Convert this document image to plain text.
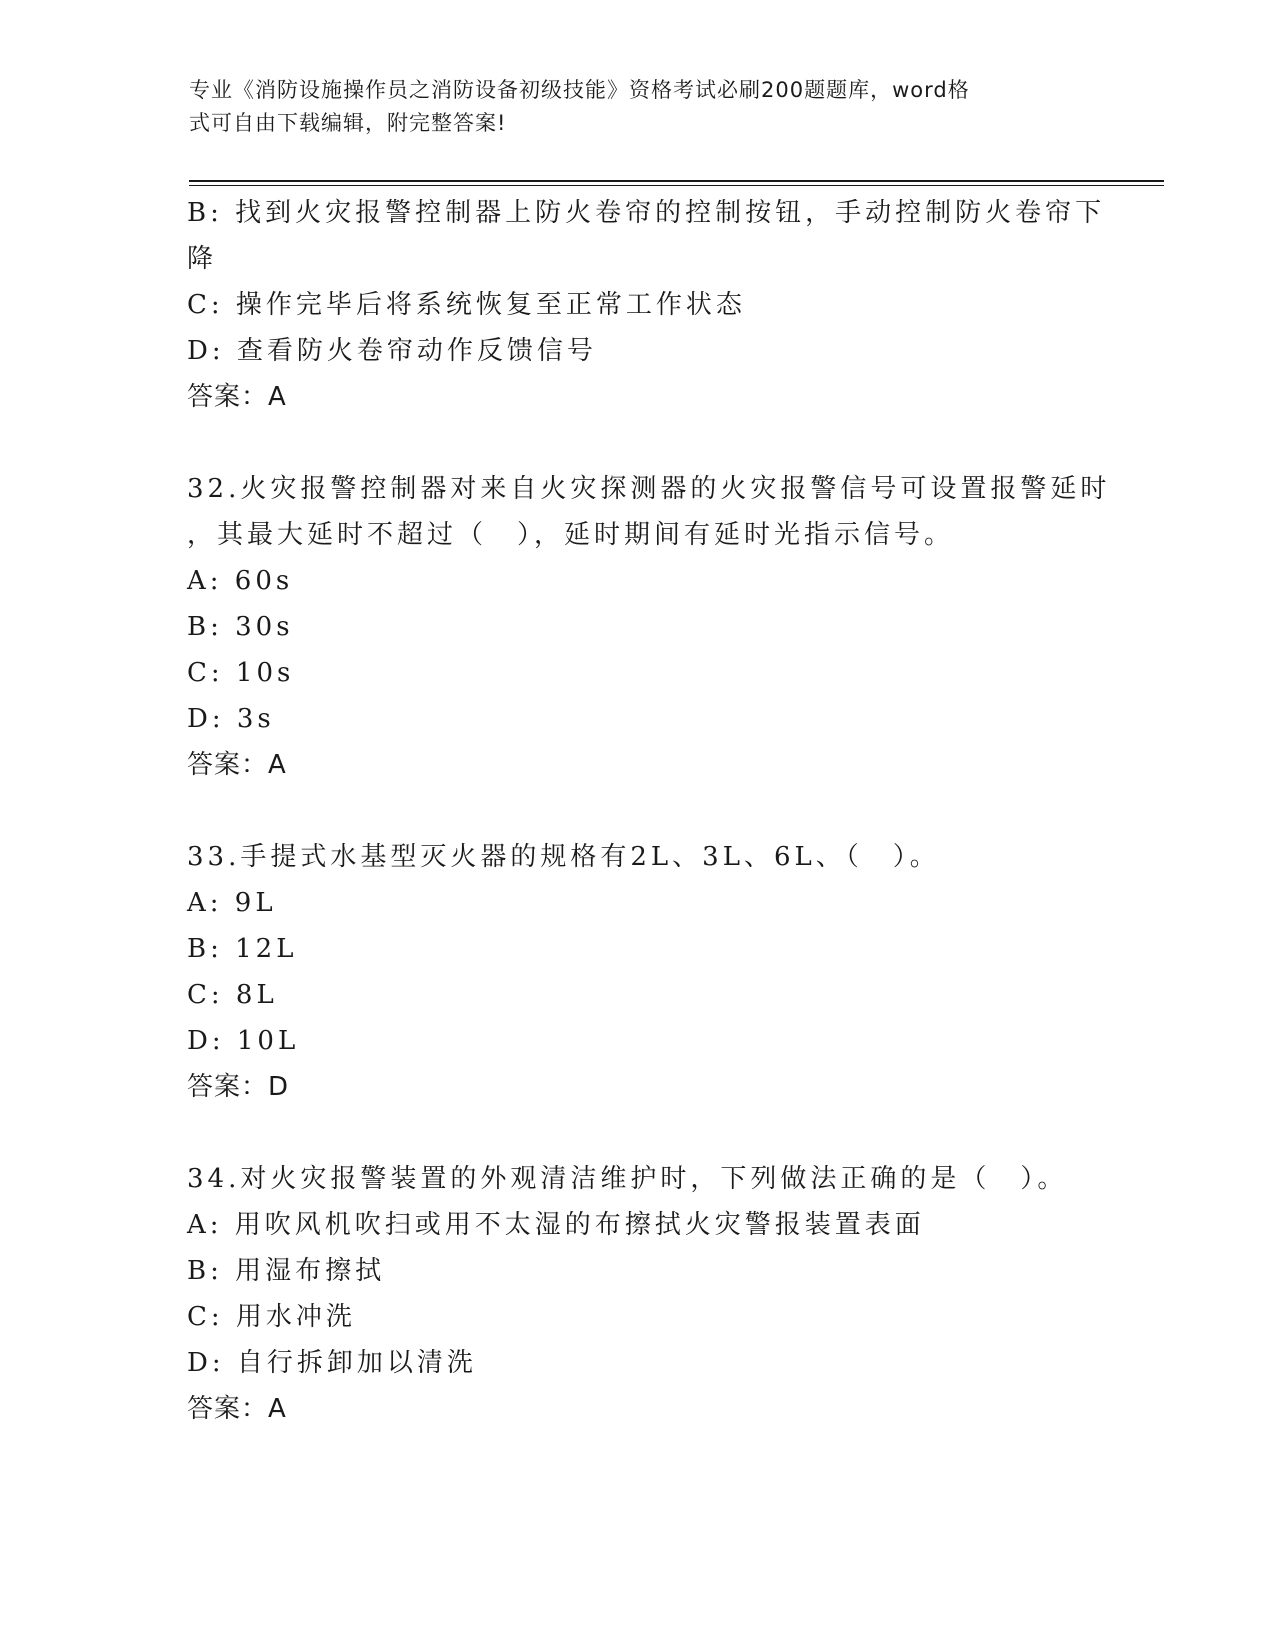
专业《消防设施操作员之消防设备初级技能》资格考试必刷200题题库，word格
式可自由下载编辑，附完整答案!
B: 找到火灾报警控制器上防火卷帘的控制按钮，手动控制防火卷帘下
降
C: 操作完毕后将系统恢复至正常工作状态
D: 查看防火卷帘动作反馈信号
答案：A
32.火灾报警控制器对来自火灾探测器的火灾报警信号可设置报警延时
，其最大延时不超过（　），延时期间有延时光指示信号。
A: 60s
B: 30s
C: 10s
D: 3s
答案：A
33.手提式水基型灭火器的规格有2L、3L、6L、（　）。
A: 9L
B: 12L
C: 8L
D: 10L
答案：D
34.对火灾报警装置的外观清洁维护时，下列做法正确的是（　）。
A: 用吹风机吹扫或用不太湿的布擦拭火灾警报装置表面
B: 用湿布擦拭
C: 用水冲洗
D: 自行拆卸加以清洗
答案：A
